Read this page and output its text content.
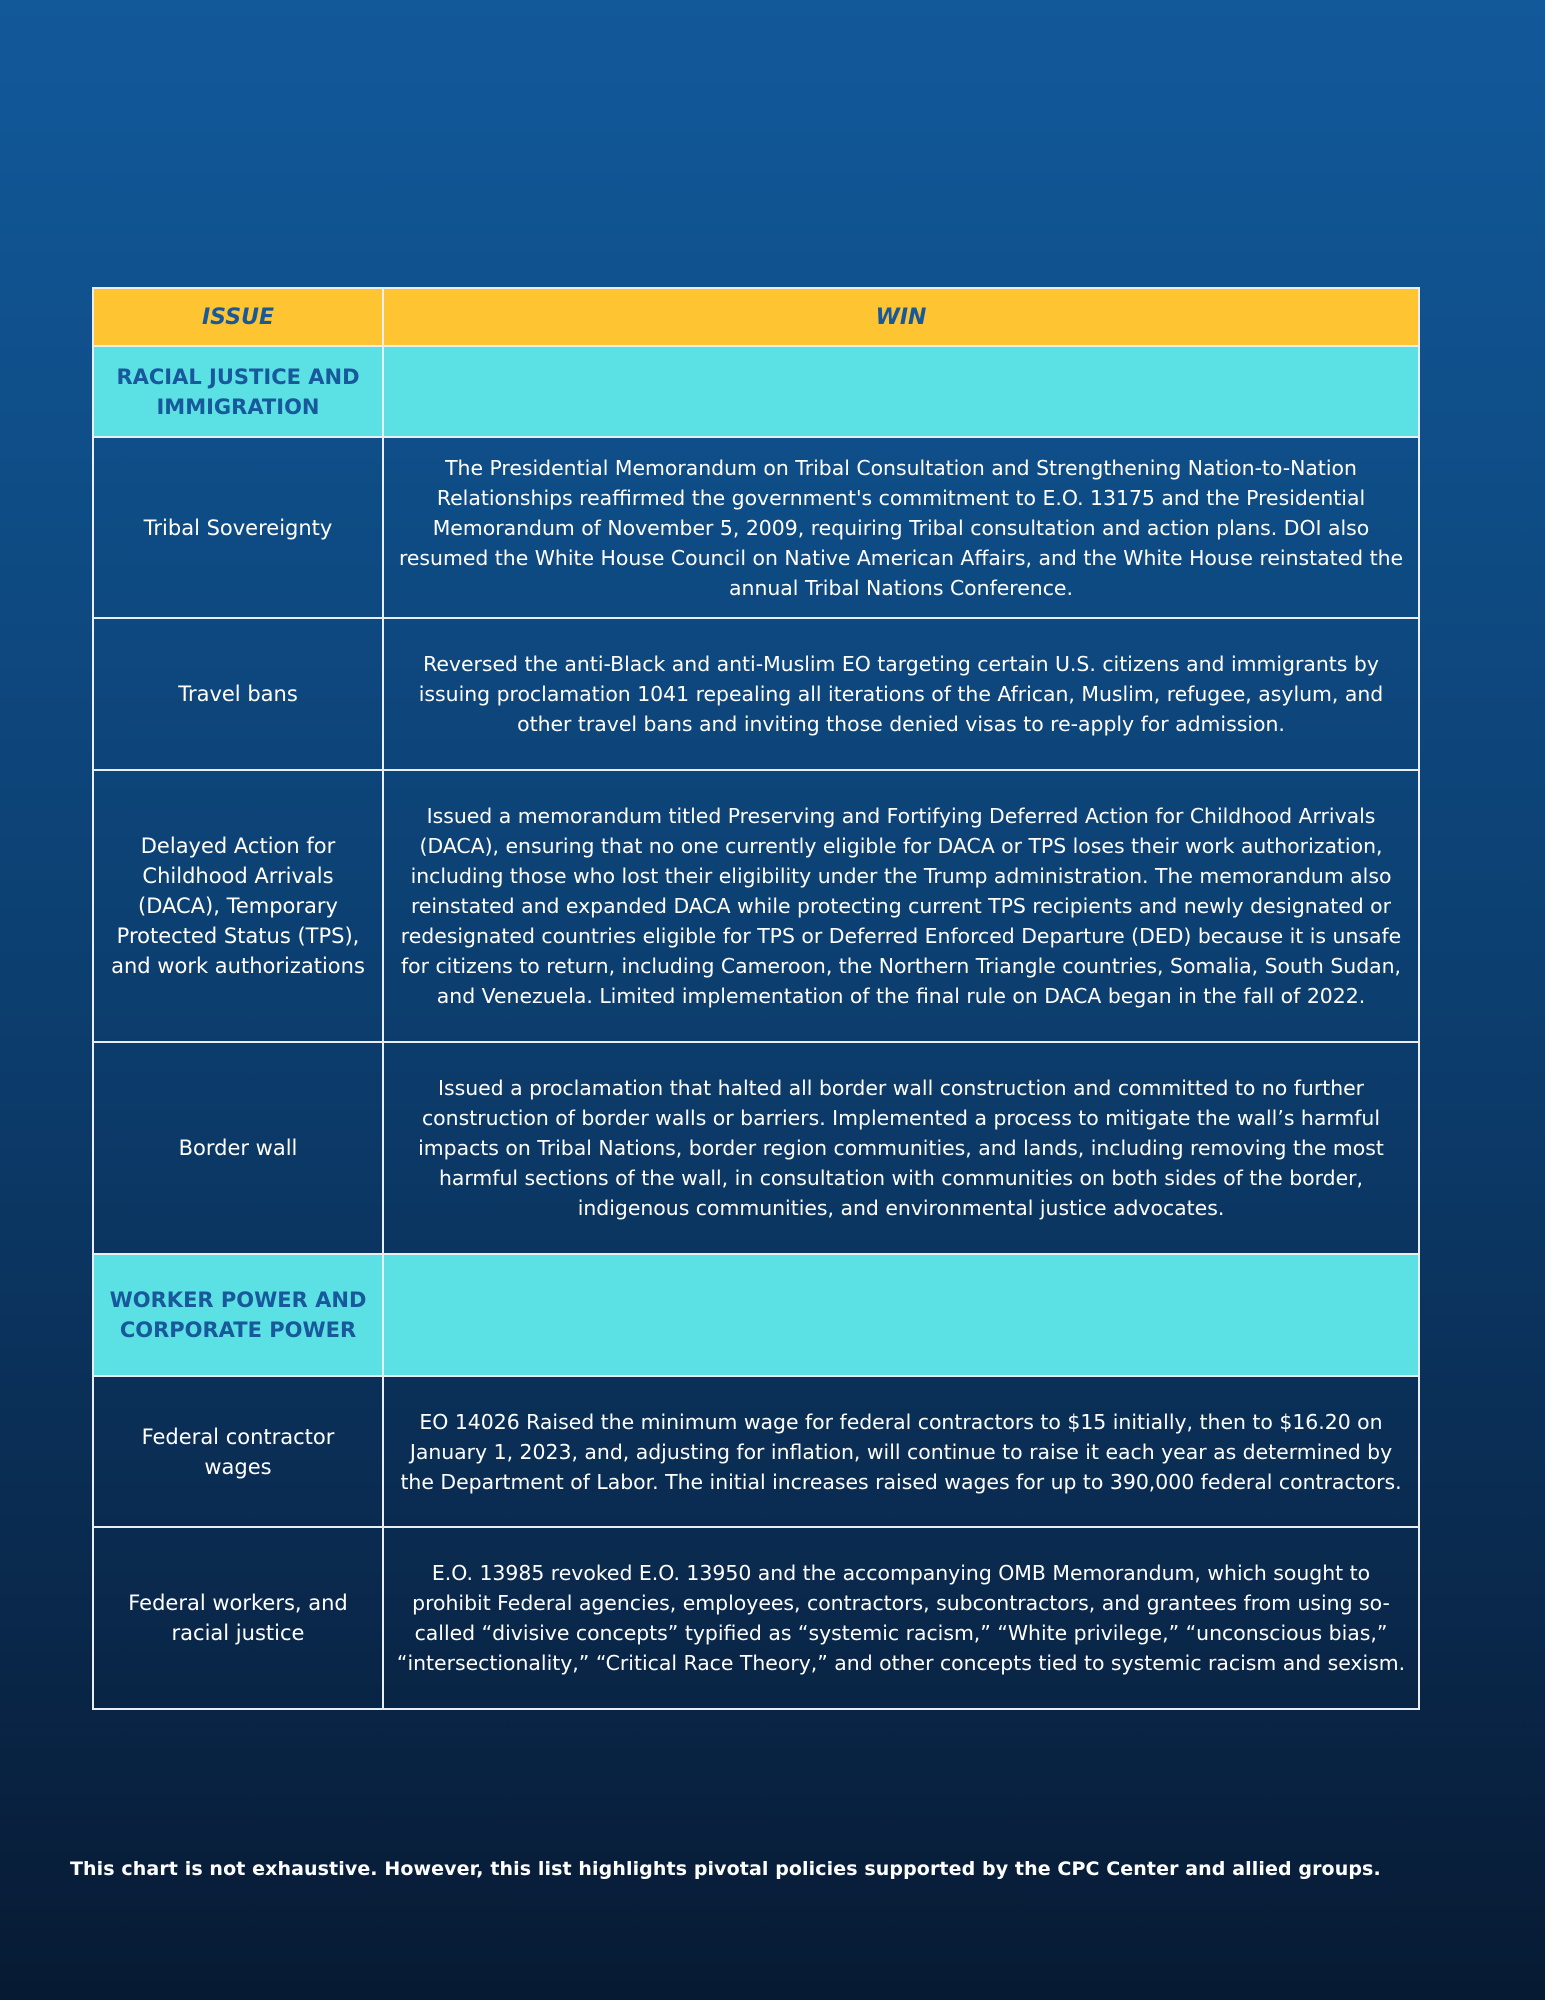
ISSUE	WIN
RACIAL JUSTICE AND IMMIGRATION	
Tribal Sovereignty	The Presidential Memorandum on Tribal Consultation and Strengthening Nation-to-Nation Relationships reaffirmed the government's commitment to E.O. 13175 and the Presidential Memorandum of November 5, 2009, requiring Tribal consultation and action plans. DOI also resumed the White House Council on Native American Affairs, and the White House reinstated the annual Tribal Nations Conference.
Travel bans	Reversed the anti-Black and anti-Muslim EO targeting certain U.S. citizens and immigrants by issuing proclamation 1041 repealing all iterations of the African, Muslim, refugee, asylum, and other travel bans and inviting those denied visas to re-apply for admission.
Delayed Action for Childhood Arrivals (DACA), Temporary Protected Status (TPS), and work authorizations	Issued a memorandum titled Preserving and Fortifying Deferred Action for Childhood Arrivals (DACA), ensuring that no one currently eligible for DACA or TPS loses their work authorization, including those who lost their eligibility under the Trump administration. The memorandum also reinstated and expanded DACA while protecting current TPS recipients and newly designated or redesignated countries eligible for TPS or Deferred Enforced Departure (DED) because it is unsafe for citizens to return, including Cameroon, the Northern Triangle countries, Somalia, South Sudan, and Venezuela. Limited implementation of the final rule on DACA began in the fall of 2022.
Border wall	Issued a proclamation that halted all border wall construction and committed to no further construction of border walls or barriers. Implemented a process to mitigate the wall’s harmful impacts on Tribal Nations, border region communities, and lands, including removing the most harmful sections of the wall, in consultation with communities on both sides of the border, indigenous communities, and environmental justice advocates.
WORKER POWER AND CORPORATE POWER	
Federal contractor wages	EO 14026 Raised the minimum wage for federal contractors to $15 initially, then to $16.20 on January 1, 2023, and, adjusting for inflation, will continue to raise it each year as determined by the Department of Labor. The initial increases raised wages for up to 390,000 federal contractors.
Federal workers, and racial justice	E.O. 13985 revoked E.O. 13950 and the accompanying OMB Memorandum, which sought to prohibit Federal agencies, employees, contractors, subcontractors, and grantees from using so-called “divisive concepts” typified as “systemic racism,” “White privilege,” “unconscious bias,” “intersectionality,” “Critical Race Theory,” and other concepts tied to systemic racism and sexism.
This chart is not exhaustive. However, this list highlights pivotal policies supported by the CPC Center and allied groups.
